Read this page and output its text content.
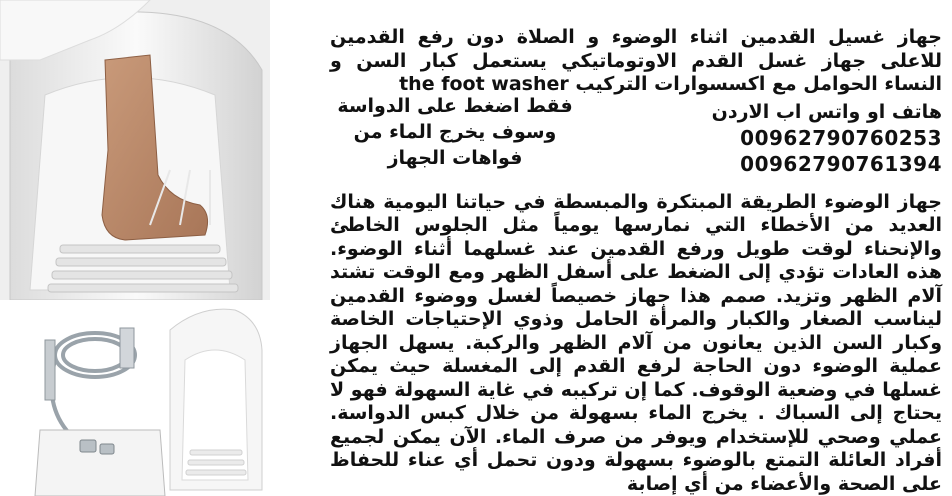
جهاز غسيل القدمين اثناء الوضوء و الصلاة دون رفع القدمين للاعلى جهاز غسل القدم الاوتوماتيكي يستعمل كبار السن و النساء الحوامل مع اكسسوارات التركيب the foot washer

هاتف او واتس اب الاردن
00962790760253
00962790761394
فقط اضغط على الدواسة وسوف يخرج الماء من فواهات الجهاز

جهاز الوضوء الطريقة المبتكرة والمبسطة في حياتنا اليومية هناك العديد من الأخطاء التي نمارسها يومياً مثل الجلوس الخاطئ والإنحناء لوقت طويل ورفع القدمين عند غسلهما أثناء الوضوء. هذه العادات تؤدي إلى الضغط على أسفل الظهر ومع الوقت تشتد آلام الظهر وتزيد. صمم هذا جهاز خصيصاً لغسل ووضوء القدمين ليناسب الصغار والكبار والمرأة الحامل وذوي الإحتياجات الخاصة وكبار السن الذين يعانون من آلام الظهر والركبة. يسهل الجهاز عملية الوضوء دون الحاجة لرفع القدم إلى المغسلة حيث يمكن غسلها في وضعية الوقوف. كما إن تركيبه في غاية السهولة فهو لا يحتاج إلى السباك . يخرج الماء بسهولة من خلال كبس الدواسة. عملي وصحي للإستخدام ويوفر من صرف الماء. الآن يمكن لجميع أفراد العائلة التمتع بالوضوء بسهولة ودون تحمل أي عناء للحفاظ على الصحة والأعضاء من أي إصابة
